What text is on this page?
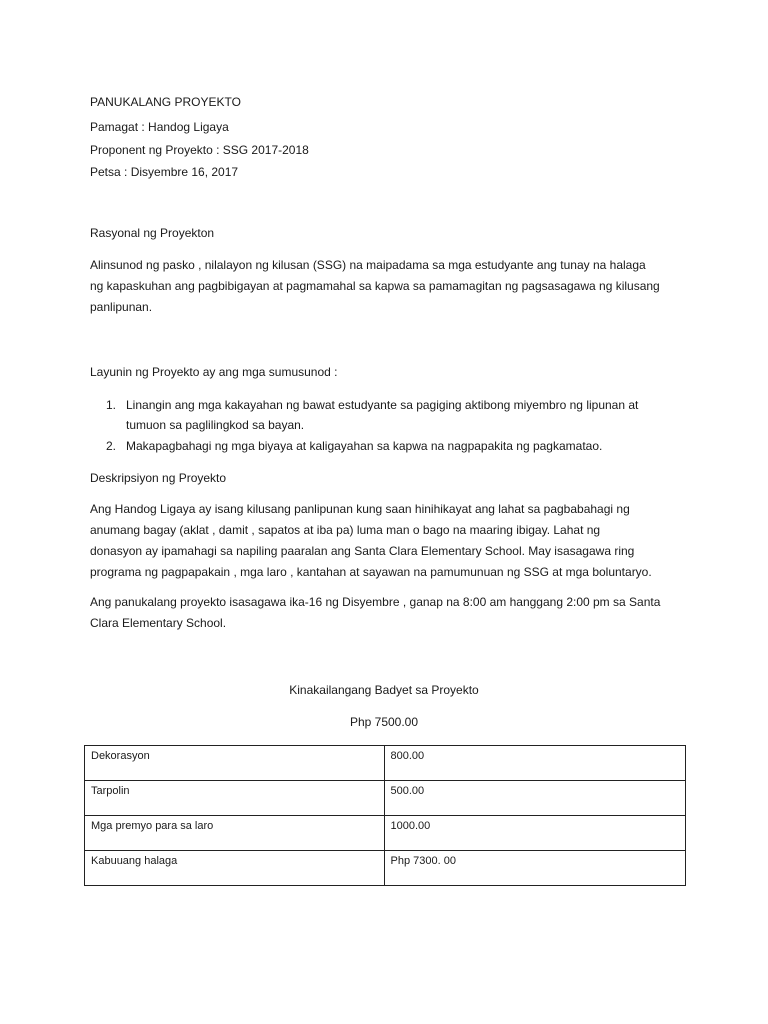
PANUKALANG PROYEKTO

Pamagat : Handog Ligaya

Proponent ng Proyekto : SSG 2017-2018

Petsa : Disyembre 16, 2017

Rasyonal ng Proyekton

Alinsunod ng pasko , nilalayon ng kilusan (SSG) na maipadama sa mga estudyante ang tunay na halaga
ng kapaskuhan ang pagbibigayan at pagmamahal sa kapwa sa pamamagitan ng pagsasagawa ng kilusang
panlipunan.

Layunin ng Proyekto ay ang mga sumusunod :

1. Linangin ang mga kakayahan ng bawat estudyante sa pagiging aktibong miyembro ng lipunan at
tumuon sa paglilingkod sa bayan.
2. Makapagbahagi ng mga biyaya at kaligayahan sa kapwa na nagpapakita ng pagkamatao.

Deskripsiyon ng Proyekto

Ang Handog Ligaya ay isang kilusang panlipunan kung saan hinihikayat ang lahat sa pagbabahagi ng
anumang bagay (aklat , damit , sapatos at iba pa) luma man o bago na maaring ibigay. Lahat ng
donasyon ay ipamahagi sa napiling paaralan ang Santa Clara Elementary School. May isasagawa ring
programa ng pagpapakain , mga laro , kantahan at sayawan na pamumunuan ng SSG at mga boluntaryo.
Ang panukalang proyekto isasagawa ika-16 ng Disyembre , ganap na 8:00 am hanggang 2:00 pm sa Santa
Clara Elementary School.

Kinakailangang Badyet sa Proyekto

Php 7500.00

Dekorasyon	800.00
Tarpolin	500.00
Mga premyo para sa laro	1000.00
Kabuuang halaga	Php 7300. 00
